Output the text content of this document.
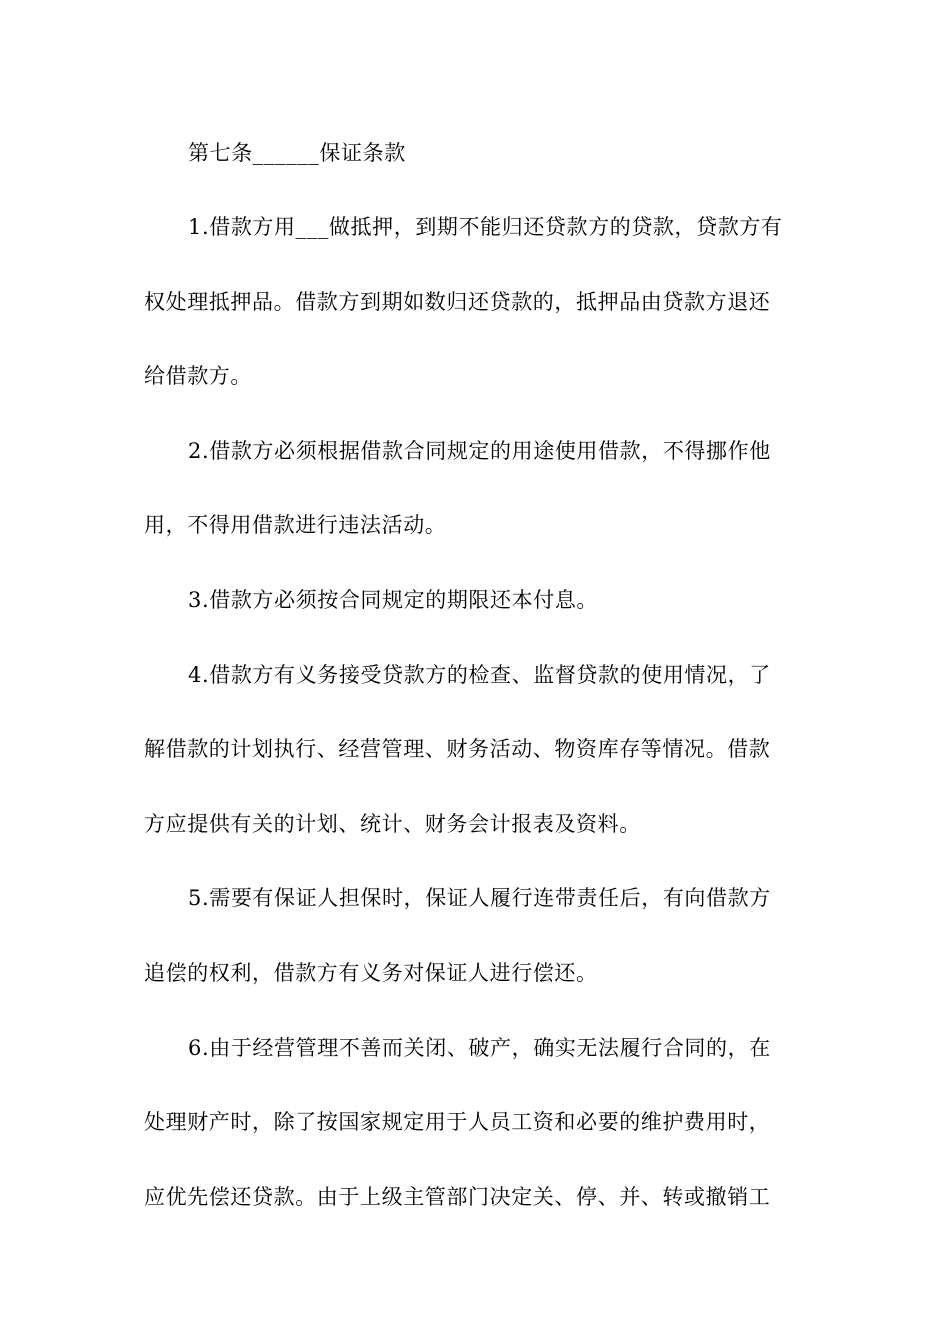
第七条______保证条款
1.借款方用___做抵押，到期不能归还贷款方的贷款，贷款方有
权处理抵押品。借款方到期如数归还贷款的，抵押品由贷款方退还
给借款方。
2.借款方必须根据借款合同规定的用途使用借款，不得挪作他
用，不得用借款进行违法活动。
3.借款方必须按合同规定的期限还本付息。
4.借款方有义务接受贷款方的检查、监督贷款的使用情况，了
解借款的计划执行、经营管理、财务活动、物资库存等情况。借款
方应提供有关的计划、统计、财务会计报表及资料。
5.需要有保证人担保时，保证人履行连带责任后，有向借款方
追偿的权利，借款方有义务对保证人进行偿还。
6.由于经营管理不善而关闭、破产，确实无法履行合同的，在
处理财产时，除了按国家规定用于人员工资和必要的维护费用时，
应优先偿还贷款。由于上级主管部门决定关、停、并、转或撤销工
